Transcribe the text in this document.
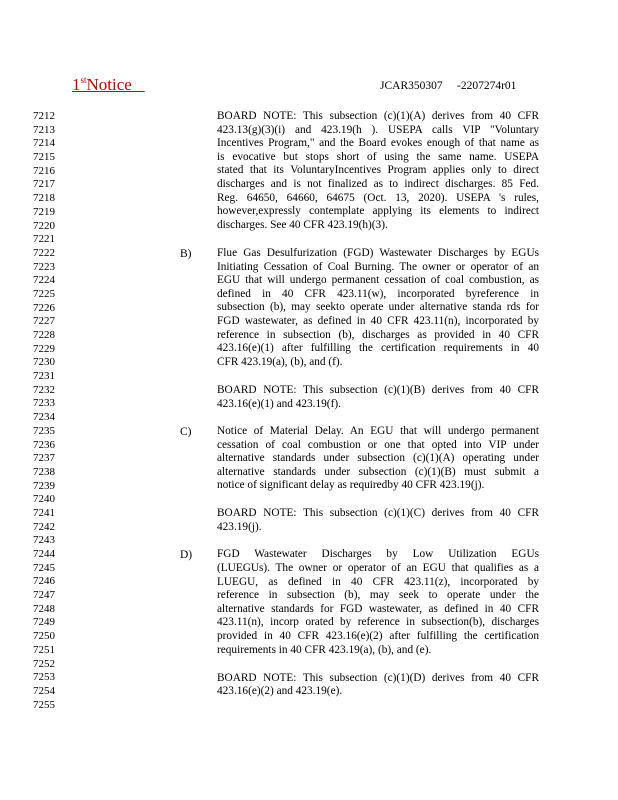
1stNotice	JCAR350307     -2207274r01
7212
7213
7214
7215
7216
7217
7218
7219
7220
7221
7222
7223
7224
7225
7226
7227
7228
7229
7230
7231
7232
7233
7234
7235
7236
7237
7238
7239
7240
7241
7242
7243
7244
7245
7246
7247
7248
7249
7250
7251
7252
7253
7254
7255
BOARD NOTE: This subsection (c)(1)(A) derives from 40 CFR
423.13(g)(3)(i) and 423.19(h ). USEPA calls VIP "Voluntary
Incentives Program," and the Board evokes enough of that name as
is evocative but stops short of using the same name. USEPA
stated that its VoluntaryIncentives Program applies only to direct
discharges and is not finalized as to indirect discharges. 85 Fed.
Reg. 64650, 64660, 64675 (Oct. 13, 2020). USEPA 's rules,
however,expressly contemplate applying its elements to indirect
discharges. See 40 CFR 423.19(h)(3).
B) Flue Gas Desulfurization (FGD) Wastewater Discharges by EGUs
Initiating Cessation of Coal Burning. The owner or operator of an
EGU that will undergo permanent cessation of coal combustion, as
defined in 40 CFR 423.11(w), incorporated byreference in
subsection (b), may seekto operate under alternative standa rds for
FGD wastewater, as defined in 40 CFR 423.11(n), incorporated by
reference in subsection (b), discharges as provided in 40 CFR
423.16(e)(1) after fulfilling the certification requirements in 40
CFR 423.19(a), (b), and (f).
BOARD NOTE: This subsection (c)(1)(B) derives from 40 CFR
423.16(e)(1) and 423.19(f).
C) Notice of Material Delay. An EGU that will undergo permanent
cessation of coal combustion or one that opted into VIP under
alternative standards under subsection (c)(1)(A) operating under
alternative standards under subsection (c)(1)(B) must submit a
notice of significant delay as requiredby 40 CFR 423.19(j).
BOARD NOTE: This subsection (c)(1)(C) derives from 40 CFR
423.19(j).
D) FGD Wastewater Discharges by Low Utilization EGUs
(LUEGUs). The owner or operator of an EGU that qualifies as a
LUEGU, as defined in 40 CFR 423.11(z), incorporated by
reference in subsection (b), may seek to operate under the
alternative standards for FGD wastewater, as defined in 40 CFR
423.11(n), incorp orated by reference in subsection(b), discharges
provided in 40 CFR 423.16(e)(2) after fulfilling the certification
requirements in 40 CFR 423.19(a), (b), and (e).
BOARD NOTE: This subsection (c)(1)(D) derives from 40 CFR
423.16(e)(2) and 423.19(e).
